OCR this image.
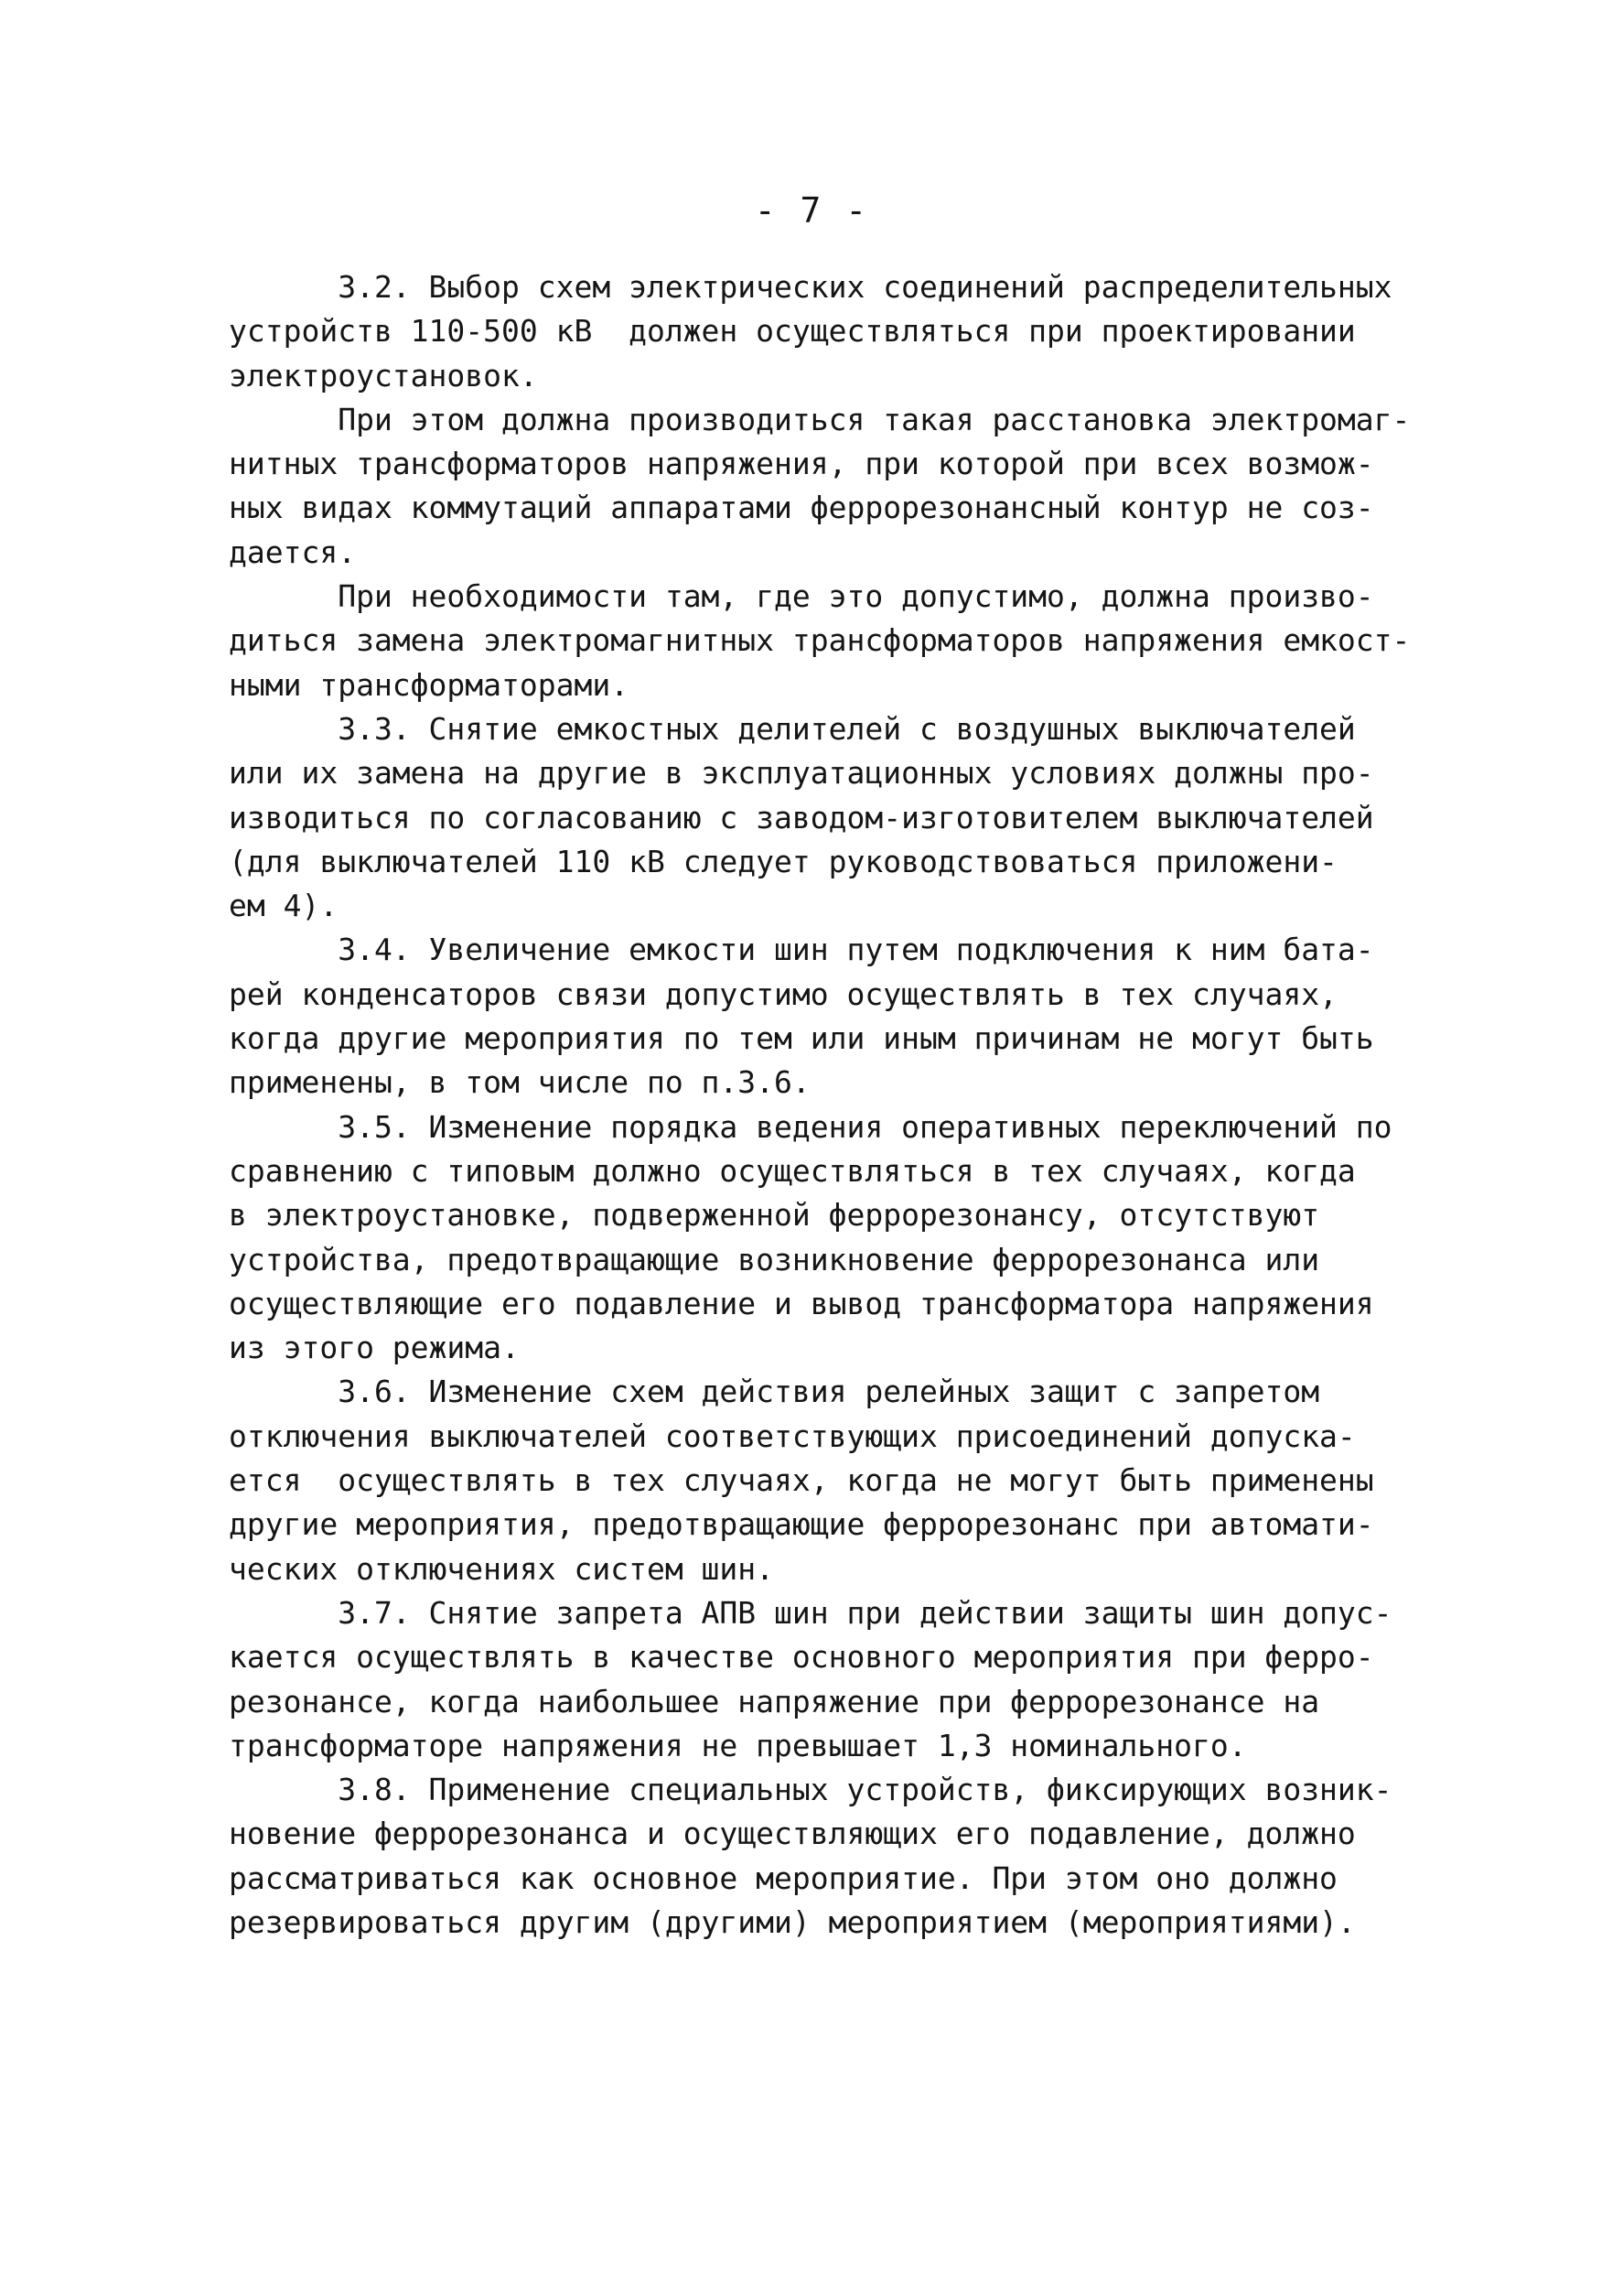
- 7 -
3.2. Выбор схем электрических соединений распределительных
устройств 110-500 кВ  должен осуществляться при проектировании
электроустановок.
При этом должна производиться такая расстановка электромаг-
нитных трансформаторов напряжения, при которой при всех возмож-
ных видах коммутаций аппаратами феррорезонансный контур не соз-
дается.
При необходимости там, где это допустимо, должна произво-
диться замена электромагнитных трансформаторов напряжения емкост-
ными трансформаторами.
3.3. Снятие емкостных делителей с воздушных выключателей
или их замена на другие в эксплуатационных условиях должны про-
изводиться по согласованию с заводом-изготовителем выключателей
(для выключателей 110 кВ следует руководствоваться приложени-
ем 4).
3.4. Увеличение емкости шин путем подключения к ним бата-
рей конденсаторов связи допустимо осуществлять в тех случаях,
когда другие мероприятия по тем или иным причинам не могут быть
применены, в том числе по п.3.6.
3.5. Изменение порядка ведения оперативных переключений по
сравнению с типовым должно осуществляться в тех случаях, когда
в электроустановке, подверженной феррорезонансу, отсутствуют
устройства, предотвращающие возникновение феррорезонанса или
осуществляющие его подавление и вывод трансформатора напряжения
из этого режима.
3.6. Изменение схем действия релейных защит с запретом
отключения выключателей соответствующих присоединений допуска-
ется  осуществлять в тех случаях, когда не могут быть применены
другие мероприятия, предотвращающие феррорезонанс при автомати-
ческих отключениях систем шин.
3.7. Снятие запрета АПВ шин при действии защиты шин допус-
кается осуществлять в качестве основного мероприятия при ферро-
резонансе, когда наибольшее напряжение при феррорезонансе на
трансформаторе напряжения не превышает 1,3 номинального.
3.8. Применение специальных устройств, фиксирующих возник-
новение феррорезонанса и осуществляющих его подавление, должно
рассматриваться как основное мероприятие. При этом оно должно
резервироваться другим (другими) мероприятием (мероприятиями).
